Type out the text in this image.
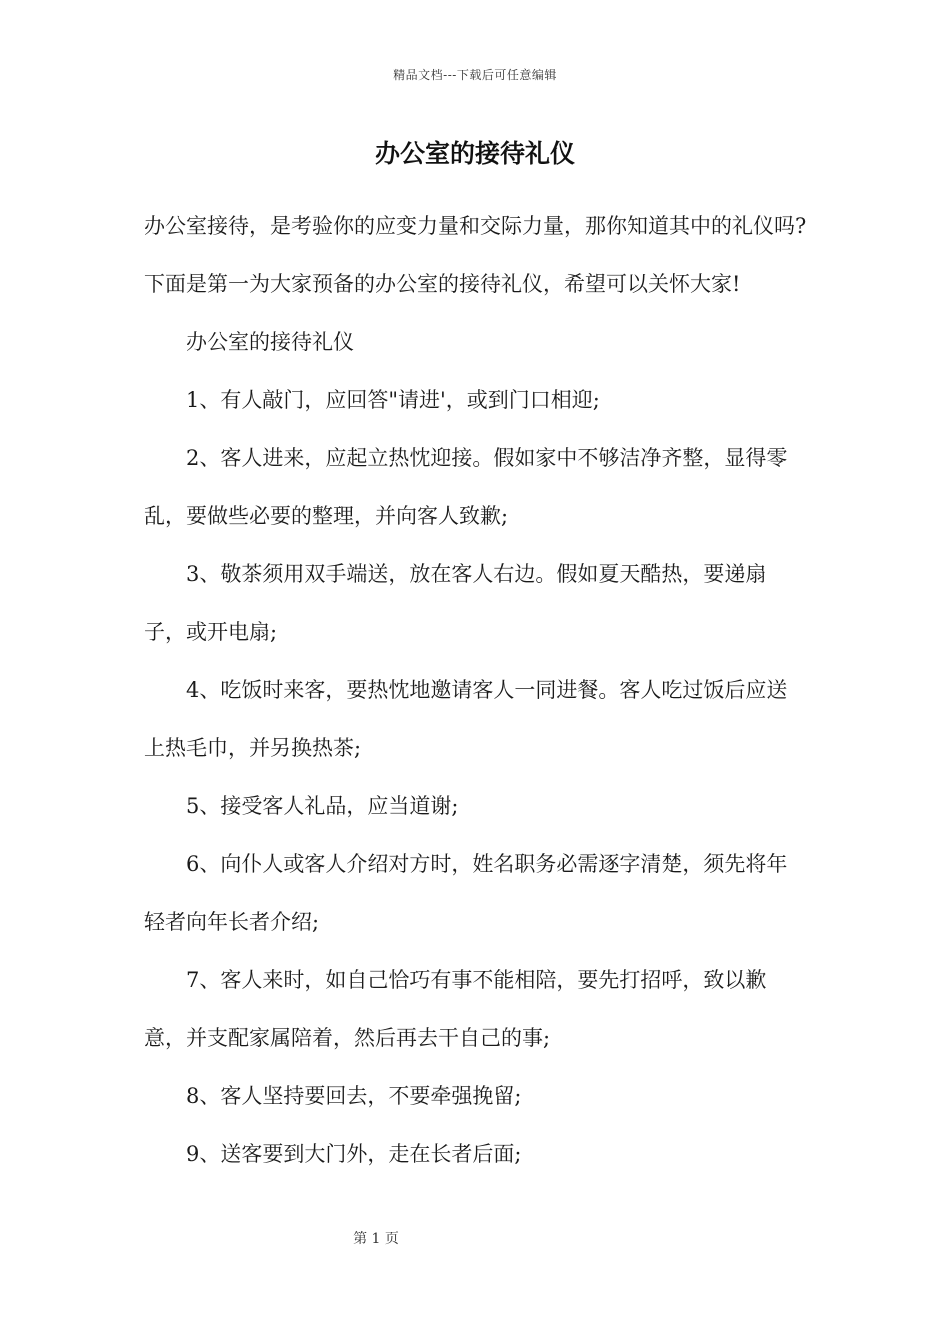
精品文档---下载后可任意编辑
办公室的接待礼仪

办公室接待，是考验你的应变力量和交际力量，那你知道其中的礼仪吗?下面是第一为大家预备的办公室的接待礼仪，希望可以关怀大家!

办公室的接待礼仪

1、有人敲门，应回答"请进'，或到门口相迎;

2、客人进来，应起立热忱迎接。假如家中不够洁净齐整，显得零乱，要做些必要的整理，并向客人致歉;

3、敬茶须用双手端送，放在客人右边。假如夏天酷热，要递扇子，或开电扇;

4、吃饭时来客，要热忱地邀请客人一同进餐。客人吃过饭后应送上热毛巾，并另换热茶;

5、接受客人礼品，应当道谢;

6、向仆人或客人介绍对方时，姓名职务必需逐字清楚，须先将年轻者向年长者介绍;

7、客人来时，如自己恰巧有事不能相陪，要先打招呼，致以歉意，并支配家属陪着，然后再去干自己的事;

8、客人坚持要回去，不要牵强挽留;

9、送客要到大门外，走在长者后面;

第 1 页
